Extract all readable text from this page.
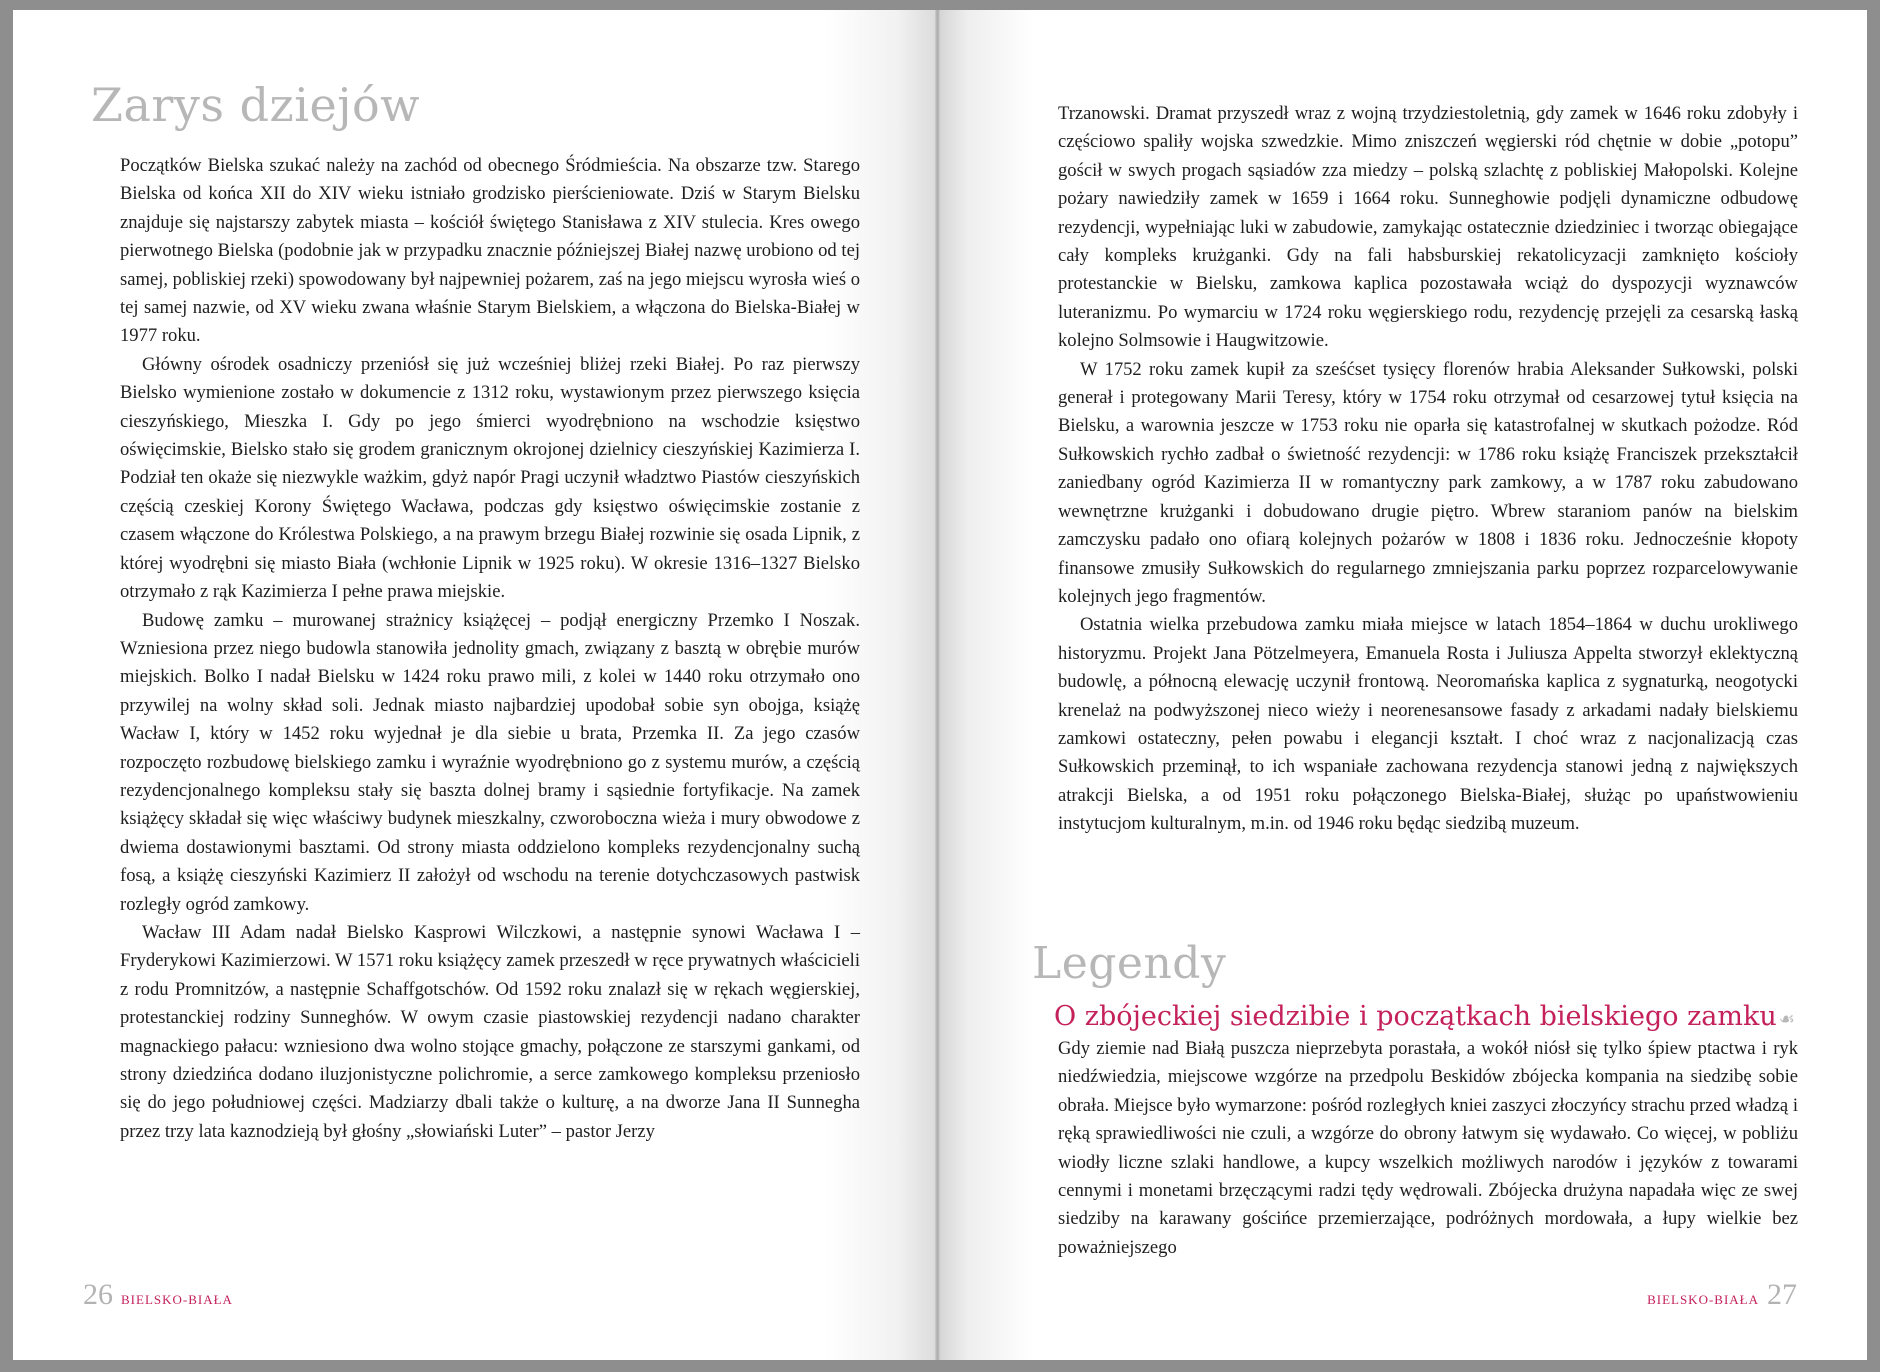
Zarys dziejów

Początków Bielska szukać należy na zachód od obecnego Śródmieścia. Na obszarze tzw. Starego Bielska od końca XII do XIV wieku istniało grodzisko pierścieniowate. Dziś w Starym Bielsku znajduje się najstarszy zabytek miasta – kościół świętego Stanisława z XIV stulecia. Kres owego pierwotnego Bielska (podobnie jak w przypadku znacznie późniejszej Białej nazwę urobiono od tej samej, pobliskiej rzeki) spowodowany był najpewniej pożarem, zaś na jego miejscu wyrosła wieś o tej samej nazwie, od XV wieku zwana właśnie Starym Bielskiem, a włączona do Bielska-Białej w 1977 roku.

Główny ośrodek osadniczy przeniósł się już wcześniej bliżej rzeki Białej. Po raz pierwszy Bielsko wymienione zostało w dokumencie z 1312 roku, wystawionym przez pierwszego księcia cieszyńskiego, Mieszka I. Gdy po jego śmierci wyodrębniono na wschodzie księstwo oświęcimskie, Bielsko stało się grodem granicznym okrojonej dzielnicy cieszyńskiej Kazimierza I. Podział ten okaże się niezwykle ważkim, gdyż napór Pragi uczynił władztwo Piastów cieszyńskich częścią czeskiej Korony Świętego Wacława, podczas gdy księstwo oświęcimskie zostanie z czasem włączone do Królestwa Polskiego, a na prawym brzegu Białej rozwinie się osada Lipnik, z której wyodrębni się miasto Biała (wchłonie Lipnik w 1925 roku). W okresie 1316–1327 Bielsko otrzymało z rąk Kazimierza I pełne prawa miejskie.

Budowę zamku – murowanej strażnicy książęcej – podjął energiczny Przemko I Noszak. Wzniesiona przez niego budowla stanowiła jednolity gmach, związany z basztą w obrębie murów miejskich. Bolko I nadał Bielsku w 1424 roku prawo mili, z kolei w 1440 roku otrzymało ono przywilej na wolny skład soli. Jednak miasto najbardziej upodobał sobie syn obojga, książę Wacław I, który w 1452 roku wyjednał je dla siebie u brata, Przemka II. Za jego czasów rozpoczęto rozbudowę bielskiego zamku i wyraźnie wyodrębniono go z systemu murów, a częścią rezydencjonalnego kompleksu stały się baszta dolnej bramy i sąsiednie fortyfikacje. Na zamek książęcy składał się więc właściwy budynek mieszkalny, czworoboczna wieża i mury obwodowe z dwiema dostawionymi basztami. Od strony miasta oddzielono kompleks rezydencjonalny suchą fosą, a książę cieszyński Kazimierz II założył od wschodu na terenie dotychczasowych pastwisk rozległy ogród zamkowy.

Wacław III Adam nadał Bielsko Kasprowi Wilczkowi, a następnie synowi Wacława I – Fryderykowi Kazimierzowi. W 1571 roku książęcy zamek przeszedł w ręce prywatnych właścicieli z rodu Promnitzów, a następnie Schaffgotschów. Od 1592 roku znalazł się w rękach węgierskiej, protestanckiej rodziny Sunneghów. W owym czasie piastowskiej rezydencji nadano charakter magnackiego pałacu: wzniesiono dwa wolno stojące gmachy, połączone ze starszymi gankami, od strony dziedzińca dodano iluzjonistyczne polichromie, a serce zamkowego kompleksu przeniosło się do jego południowej części. Madziarzy dbali także o kulturę, a na dworze Jana II Sunnegha przez trzy lata kaznodzieją był głośny „słowiański Luter” – pastor Jerzy

26 BIELSKO-BIAŁA

Trzanowski. Dramat przyszedł wraz z wojną trzydziestoletnią, gdy zamek w 1646 roku zdobyły i częściowo spaliły wojska szwedzkie. Mimo zniszczeń węgierski ród chętnie w dobie „potopu” gościł w swych progach sąsiadów zza miedzy – polską szlachtę z pobliskiej Małopolski. Kolejne pożary nawiedziły zamek w 1659 i 1664 roku. Sunneghowie podjęli dynamiczne odbudowę rezydencji, wypełniając luki w zabudowie, zamykając ostatecznie dziedziniec i tworząc obiegające cały kompleks krużganki. Gdy na fali habsburskiej rekatolicyzacji zamknięto kościoły protestanckie w Bielsku, zamkowa kaplica pozostawała wciąż do dyspozycji wyznawców luteranizmu. Po wymarciu w 1724 roku węgierskiego rodu, rezydencję przejęli za cesarską łaską kolejno Solmsowie i Haugwitzowie.

W 1752 roku zamek kupił za sześćset tysięcy florenów hrabia Aleksander Sułkowski, polski generał i protegowany Marii Teresy, który w 1754 roku otrzymał od cesarzowej tytuł księcia na Bielsku, a warownia jeszcze w 1753 roku nie oparła się katastrofalnej w skutkach pożodze. Ród Sułkowskich rychło zadbał o świetność rezydencji: w 1786 roku książę Franciszek przekształcił zaniedbany ogród Kazimierza II w romantyczny park zamkowy, a w 1787 roku zabudowano wewnętrzne krużganki i dobudowano drugie piętro. Wbrew staraniom panów na bielskim zamczysku padało ono ofiarą kolejnych pożarów w 1808 i 1836 roku. Jednocześnie kłopoty finansowe zmusiły Sułkowskich do regularnego zmniejszania parku poprzez rozparcelowywanie kolejnych jego fragmentów.

Ostatnia wielka przebudowa zamku miała miejsce w latach 1854–1864 w duchu urokliwego historyzmu. Projekt Jana Pötzelmeyera, Emanuela Rosta i Juliusza Appelta stworzył eklektyczną budowlę, a północną elewację uczynił frontową. Neoromańska kaplica z sygnaturką, neogotycki krenelaż na podwyższonej nieco wieży i neorenesansowe fasady z arkadami nadały bielskiemu zamkowi ostateczny, pełen powabu i elegancji kształt. I choć wraz z nacjonalizacją czas Sułkowskich przeminął, to ich wspaniałe zachowana rezydencja stanowi jedną z największych atrakcji Bielska, a od 1951 roku połączonego Bielska-Białej, służąc po upaństwowieniu instytucjom kulturalnym, m.in. od 1946 roku będąc siedzibą muzeum.

Legendy
O zbójeckiej siedzibie i początkach bielskiego zamku ☙

Gdy ziemie nad Białą puszcza nieprzebyta porastała, a wokół niósł się tylko śpiew ptactwa i ryk niedźwiedzia, miejscowe wzgórze na przedpolu Beskidów zbójecka kompania na siedzibę sobie obrała. Miejsce było wymarzone: pośród rozległych kniei zaszyci złoczyńcy strachu przed władzą i ręką sprawiedliwości nie czuli, a wzgórze do obrony łatwym się wydawało. Co więcej, w pobliżu wiodły liczne szlaki handlowe, a kupcy wszelkich możliwych narodów i języków z towarami cennymi i monetami brzęczącymi radzi tędy wędrowali. Zbójecka drużyna napadała więc ze swej siedziby na karawany gościńce przemierzające, podróżnych mordowała, a łupy wielkie bez poważniejszego

BIELSKO-BIAŁA 27
